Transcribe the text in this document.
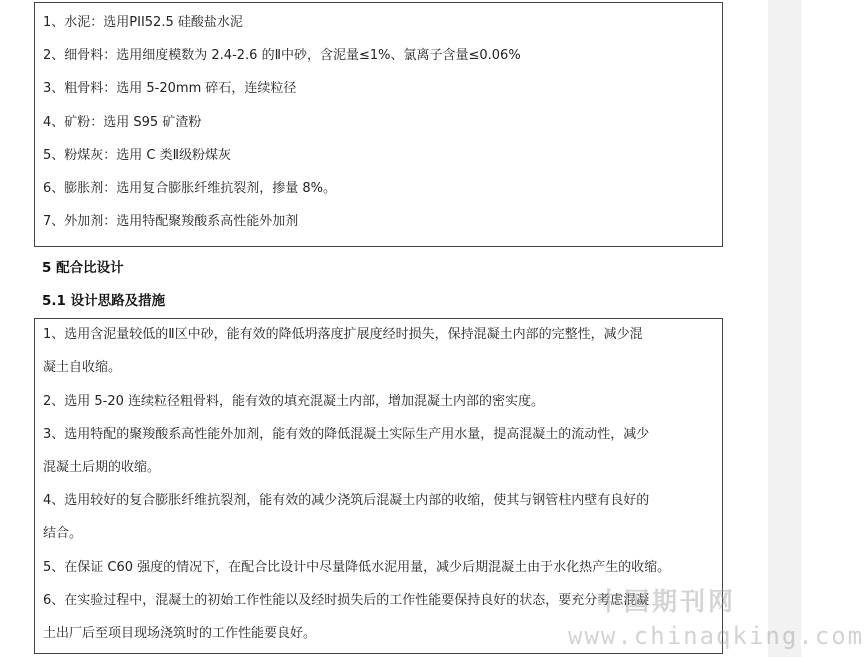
1、水泥：选用PII52.5 硅酸盐水泥
2、细骨料：选用细度模数为 2.4-2.6 的Ⅱ中砂，含泥量≤1%、氯离子含量≤0.06%
3、粗骨料：选用 5-20mm 碎石，连续粒径
4、矿粉：选用 S95 矿渣粉
5、粉煤灰：选用 C 类Ⅱ级粉煤灰
6、膨胀剂：选用复合膨胀纤维抗裂剂，掺量 8%。
7、外加剂：选用特配聚羧酸系高性能外加剂
5 配合比设计
5.1 设计思路及措施
1、选用含泥量较低的Ⅱ区中砂，能有效的降低坍落度扩展度经时损失，保持混凝土内部的完整性，减少混
凝土自收缩。
2、选用 5-20 连续粒径粗骨料，能有效的填充混凝土内部，增加混凝土内部的密实度。
3、选用特配的聚羧酸系高性能外加剂，能有效的降低混凝土实际生产用水量，提高混凝土的流动性，减少
混凝土后期的收缩。
4、选用较好的复合膨胀纤维抗裂剂，能有效的减少浇筑后混凝土内部的收缩，使其与钢管柱内壁有良好的
结合。
5、在保证 C60 强度的情况下，在配合比设计中尽量降低水泥用量，减少后期混凝土由于水化热产生的收缩。
6、在实验过程中，混凝土的初始工作性能以及经时损失后的工作性能要保持良好的状态，要充分考虑混凝
土出厂后至项目现场浇筑时的工作性能要良好。
中国期刊网
www.chinaqking.com
